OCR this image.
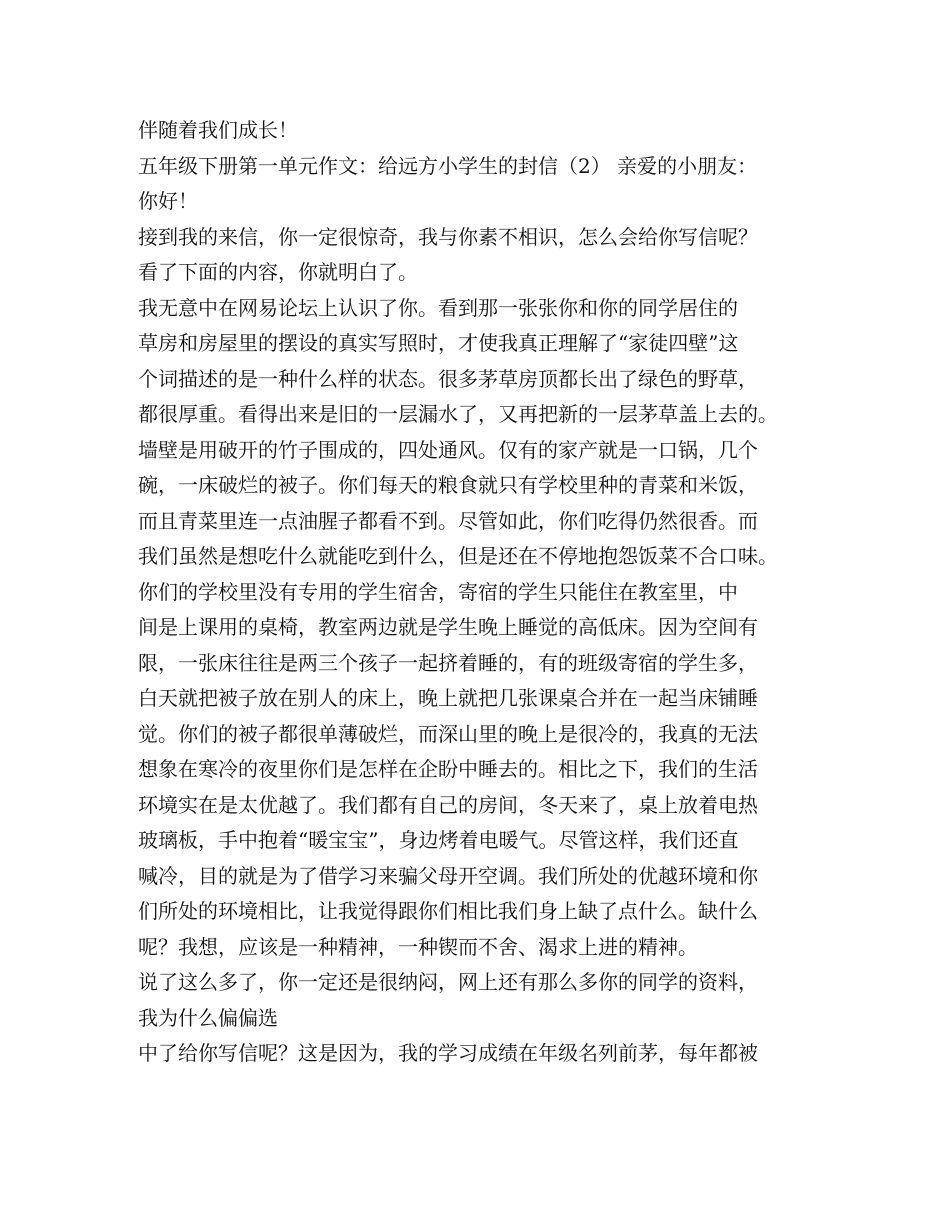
伴随着我们成长！

五年级下册第一单元作文：给远方小学生的封信（2） 亲爱的小朋友：

你好！

接到我的来信，你一定很惊奇，我与你素不相识，怎么会给你写信呢？

看了下面的内容，你就明白了。

我无意中在网易论坛上认识了你。看到那一张张你和你的同学居住的

草房和房屋里的摆设的真实写照时，才使我真正理解了“家徒四壁”这

个词描述的是一种什么样的状态。很多茅草房顶都长出了绿色的野草，

都很厚重。看得出来是旧的一层漏水了，又再把新的一层茅草盖上去的。

墙壁是用破开的竹子围成的，四处通风。仅有的家产就是一口锅，几个

碗，一床破烂的被子。你们每天的粮食就只有学校里种的青菜和米饭，

而且青菜里连一点油腥子都看不到。尽管如此，你们吃得仍然很香。而

我们虽然是想吃什么就能吃到什么，但是还在不停地抱怨饭菜不合口味。

你们的学校里没有专用的学生宿舍，寄宿的学生只能住在教室里，中

间是上课用的桌椅，教室两边就是学生晚上睡觉的高低床。因为空间有

限，一张床往往是两三个孩子一起挤着睡的，有的班级寄宿的学生多，

白天就把被子放在别人的床上，晚上就把几张课桌合并在一起当床铺睡

觉。你们的被子都很单薄破烂，而深山里的晚上是很冷的，我真的无法

想象在寒冷的夜里你们是怎样在企盼中睡去的。相比之下，我们的生活

环境实在是太优越了。我们都有自己的房间，冬天来了，桌上放着电热

玻璃板，手中抱着“暖宝宝”，身边烤着电暖气。尽管这样，我们还直

喊冷，目的就是为了借学习来骗父母开空调。我们所处的优越环境和你

们所处的环境相比，让我觉得跟你们相比我们身上缺了点什么。缺什么

呢？我想，应该是一种精神，一种锲而不舍、渴求上进的精神。

说了这么多了，你一定还是很纳闷，网上还有那么多你的同学的资料，

我为什么偏偏选

中了给你写信呢？这是因为，我的学习成绩在年级名列前茅，每年都被
